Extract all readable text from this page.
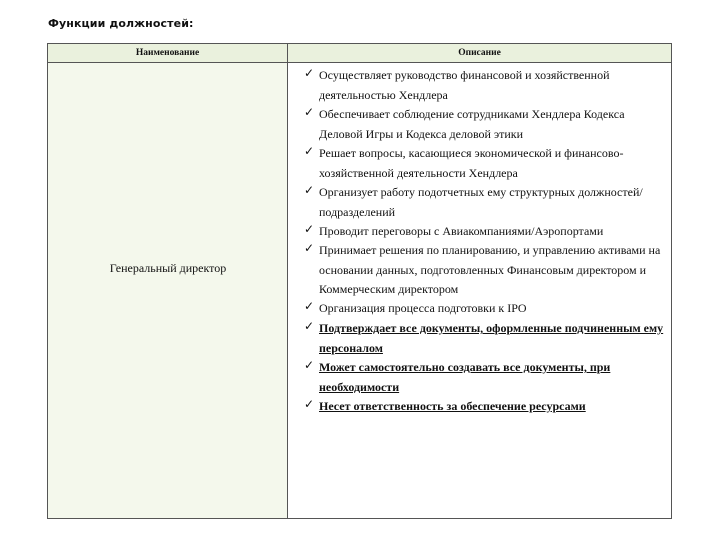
Функции должностей:
Наименование	Описание
Генеральный директор
✓ Осуществляет руководство финансовой и хозяйственной деятельностью Хендлера
✓ Обеспечивает соблюдение сотрудниками Хендлера Кодекса Деловой Игры и Кодекса деловой этики
✓ Решает вопросы, касающиеся экономической и финансово-хозяйственной деятельности Хендлера
✓ Организует работу подотчетных ему структурных должностей/подразделений
✓ Проводит переговоры с Авиакомпаниями/Аэропортами
✓ Принимает решения по планированию, и управлению активами на основании данных, подготовленных Финансовым директором и Коммерческим директором
✓ Организация процесса подготовки к IPO
✓ Подтверждает все документы, оформленные подчиненным ему персоналом
✓ Может самостоятельно создавать все документы, при необходимости
✓ Несет ответственность за обеспечение ресурсами
